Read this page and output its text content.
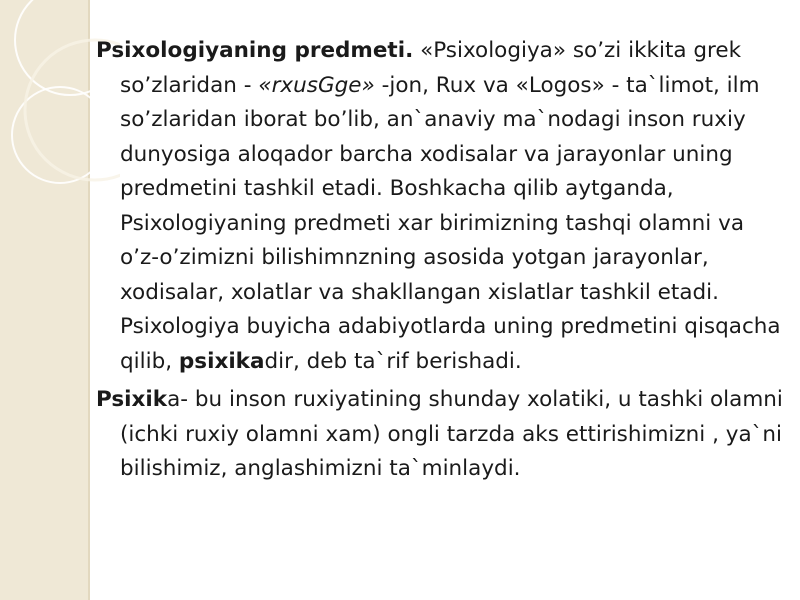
Psixologiyaning predmeti. «Psixologiya» so’zi ikkita grek so’zlaridan - «rxusGge» -jon, Rux va «Logos» - ta`limot, ilm so’zlaridan iborat bo’lib, an`anaviy ma`nodagi inson ruxiy dunyosiga aloqador barcha xodisalar va jarayonlar uning predmetini tashkil etadi. Boshkacha qilib aytganda, Psixologiyaning predmeti xar birimizning tashqi olamni va o’z-o’zimizni bilishimnzning asosida yotgan jarayonlar, xodisalar, xolatlar va shakllangan xislatlar tashkil etadi. Psixologiya buyicha adabiyotlarda uning predmetini qisqacha qilib, psixikadir, deb ta`rif berishadi.

Psixika- bu inson ruxiyatining shunday xolatiki, u tashki olamni (ichki ruxiy olamni xam) ongli tarzda aks ettirishimizni , ya`ni bilishimiz, anglashimizni ta`minlaydi.
